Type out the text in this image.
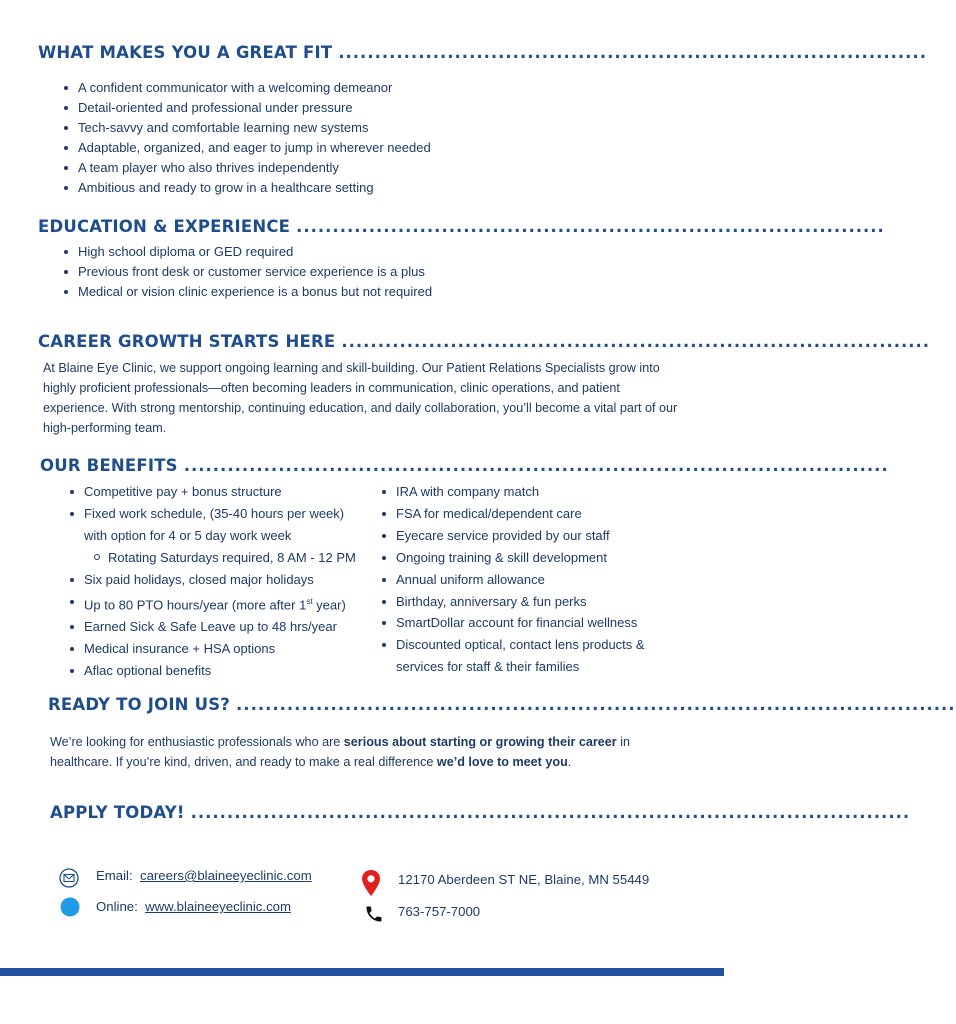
WHAT MAKES YOU A GREAT FIT .................................................................................
A confident communicator with a welcoming demeanor
Detail-oriented and professional under pressure
Tech-savvy and comfortable learning new systems
Adaptable, organized, and eager to jump in wherever needed
A team player who also thrives independently
Ambitious and ready to grow in a healthcare setting
EDUCATION & EXPERIENCE .................................................................................
High school diploma or GED required
Previous front desk or customer service experience is a plus
Medical or vision clinic experience is a bonus but not required
CAREER GROWTH STARTS HERE .................................................................................

At Blaine Eye Clinic, we support ongoing learning and skill-building. Our Patient Relations Specialists grow into highly proficient professionals—often becoming leaders in communication, clinic operations, and patient experience. With strong mentorship, continuing education, and daily collaboration, you’ll become a vital part of our high-performing team.

OUR BENEFITS .................................................................................................
Competitive pay + bonus structure
Fixed work schedule, (35-40 hours per week)
with option for 4 or 5 day work week
Rotating Saturdays required, 8 AM - 12 PM
Six paid holidays, closed major holidays
Up to 80 PTO hours/year (more after 1st year)
Earned Sick & Safe Leave up to 48 hrs/year
Medical insurance + HSA options
Aflac optional benefits
IRA with company match
FSA for medical/dependent care
Eyecare service provided by our staff
Ongoing training & skill development
Annual uniform allowance
Birthday, anniversary & fun perks
SmartDollar account for financial wellness
Discounted optical, contact lens products &
services for staff & their families
READY TO JOIN US? ...................................................................................................

We’re looking for enthusiastic professionals who are serious about starting or growing their career in healthcare. If you’re kind, driven, and ready to make a real difference we’d love to meet you.

APPLY TODAY! ...................................................................................................
Email: careers@blaineeyeclinic.com
Online: www.blaineeyeclinic.com
12170 Aberdeen ST NE, Blaine, MN 55449
763-757-7000
